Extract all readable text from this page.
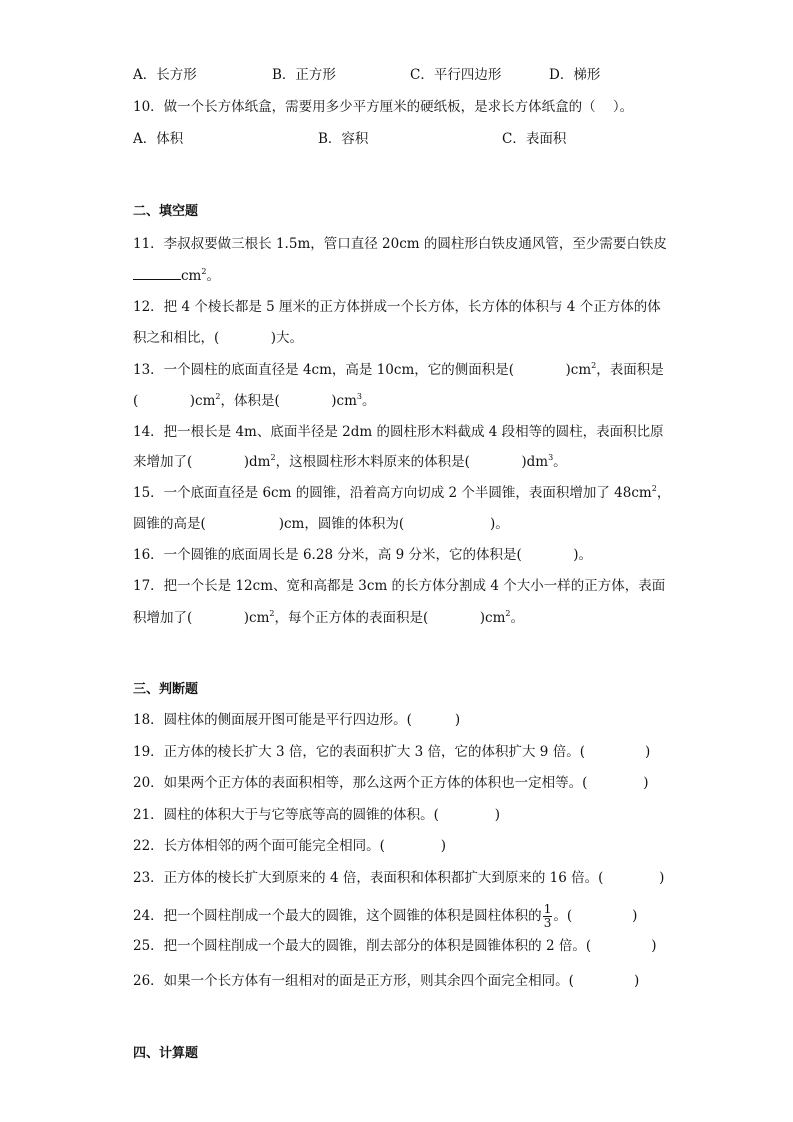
A．长方形	B．正方形	C．平行四边形	D．梯形
10．做一个长方体纸盒，需要用多少平方厘米的硬纸板，是求长方体纸盒的（    ）。
A．体积	B．容积	C．表面积
二、填空题
三、判断题
四、计算题
11．李叔叔要做三根长 1.5m，管口直径 20cm 的圆柱形白铁皮通风管，至少需要白铁皮
$cm^2$。
12．把 4 个棱长都是 5 厘米的正方体拼成一个长方体，长方体的体积与 4 个正方体的体
积之和相比，(            )大。
13．一个圆柱的底面直径是 4cm，高是 10cm，它的侧面积是(            )$cm^2$，表面积是
(            )$cm^2$，体积是(            )$cm^3$。
14．把一根长是 4m、底面半径是 2dm 的圆柱形木料截成 4 段相等的圆柱，表面积比原
来增加了(            )$dm^2$，这根圆柱形木料原来的体积是(            )$dm^3$。
15．一个底面直径是 6cm 的圆锥，沿着高方向切成 2 个半圆锥，表面积增加了 $48cm^2$，
圆锥的高是(                 )cm，圆锥的体积为(                    )。
16．一个圆锥的底面周长是 6.28 分米，高 9 分米，它的体积是(            )。
17．把一个长是 12cm、宽和高都是 3cm 的长方体分割成 4 个大小一样的正方体，表面
积增加了(            )$cm^2$，每个正方体的表面积是(            )$cm^2$。
18．圆柱体的侧面展开图可能是平行四边形。(          )
19．正方体的棱长扩大 3 倍，它的表面积扩大 3 倍，它的体积扩大 9 倍。(              )
20．如果两个正方体的表面积相等，那么这两个正方体的体积也一定相等。(             )
21．圆柱的体积大于与它等底等高的圆锥的体积。(             )
22．长方体相邻的两个面可能完全相同。(             )
23．正方体的棱长扩大到原来的 4 倍，表面积和体积都扩大到原来的 16 倍。(             )
24．把一个圆柱削成一个最大的圆锥，这个圆锥的体积是圆柱体积的 $\frac{1}{3}$ 。(              )
25．把一个圆柱削成一个最大的圆锥，削去部分的体积是圆锥体积的 2 倍。(              )
26．如果一个长方体有一组相对的面是正方形，则其余四个面完全相同。(              )
